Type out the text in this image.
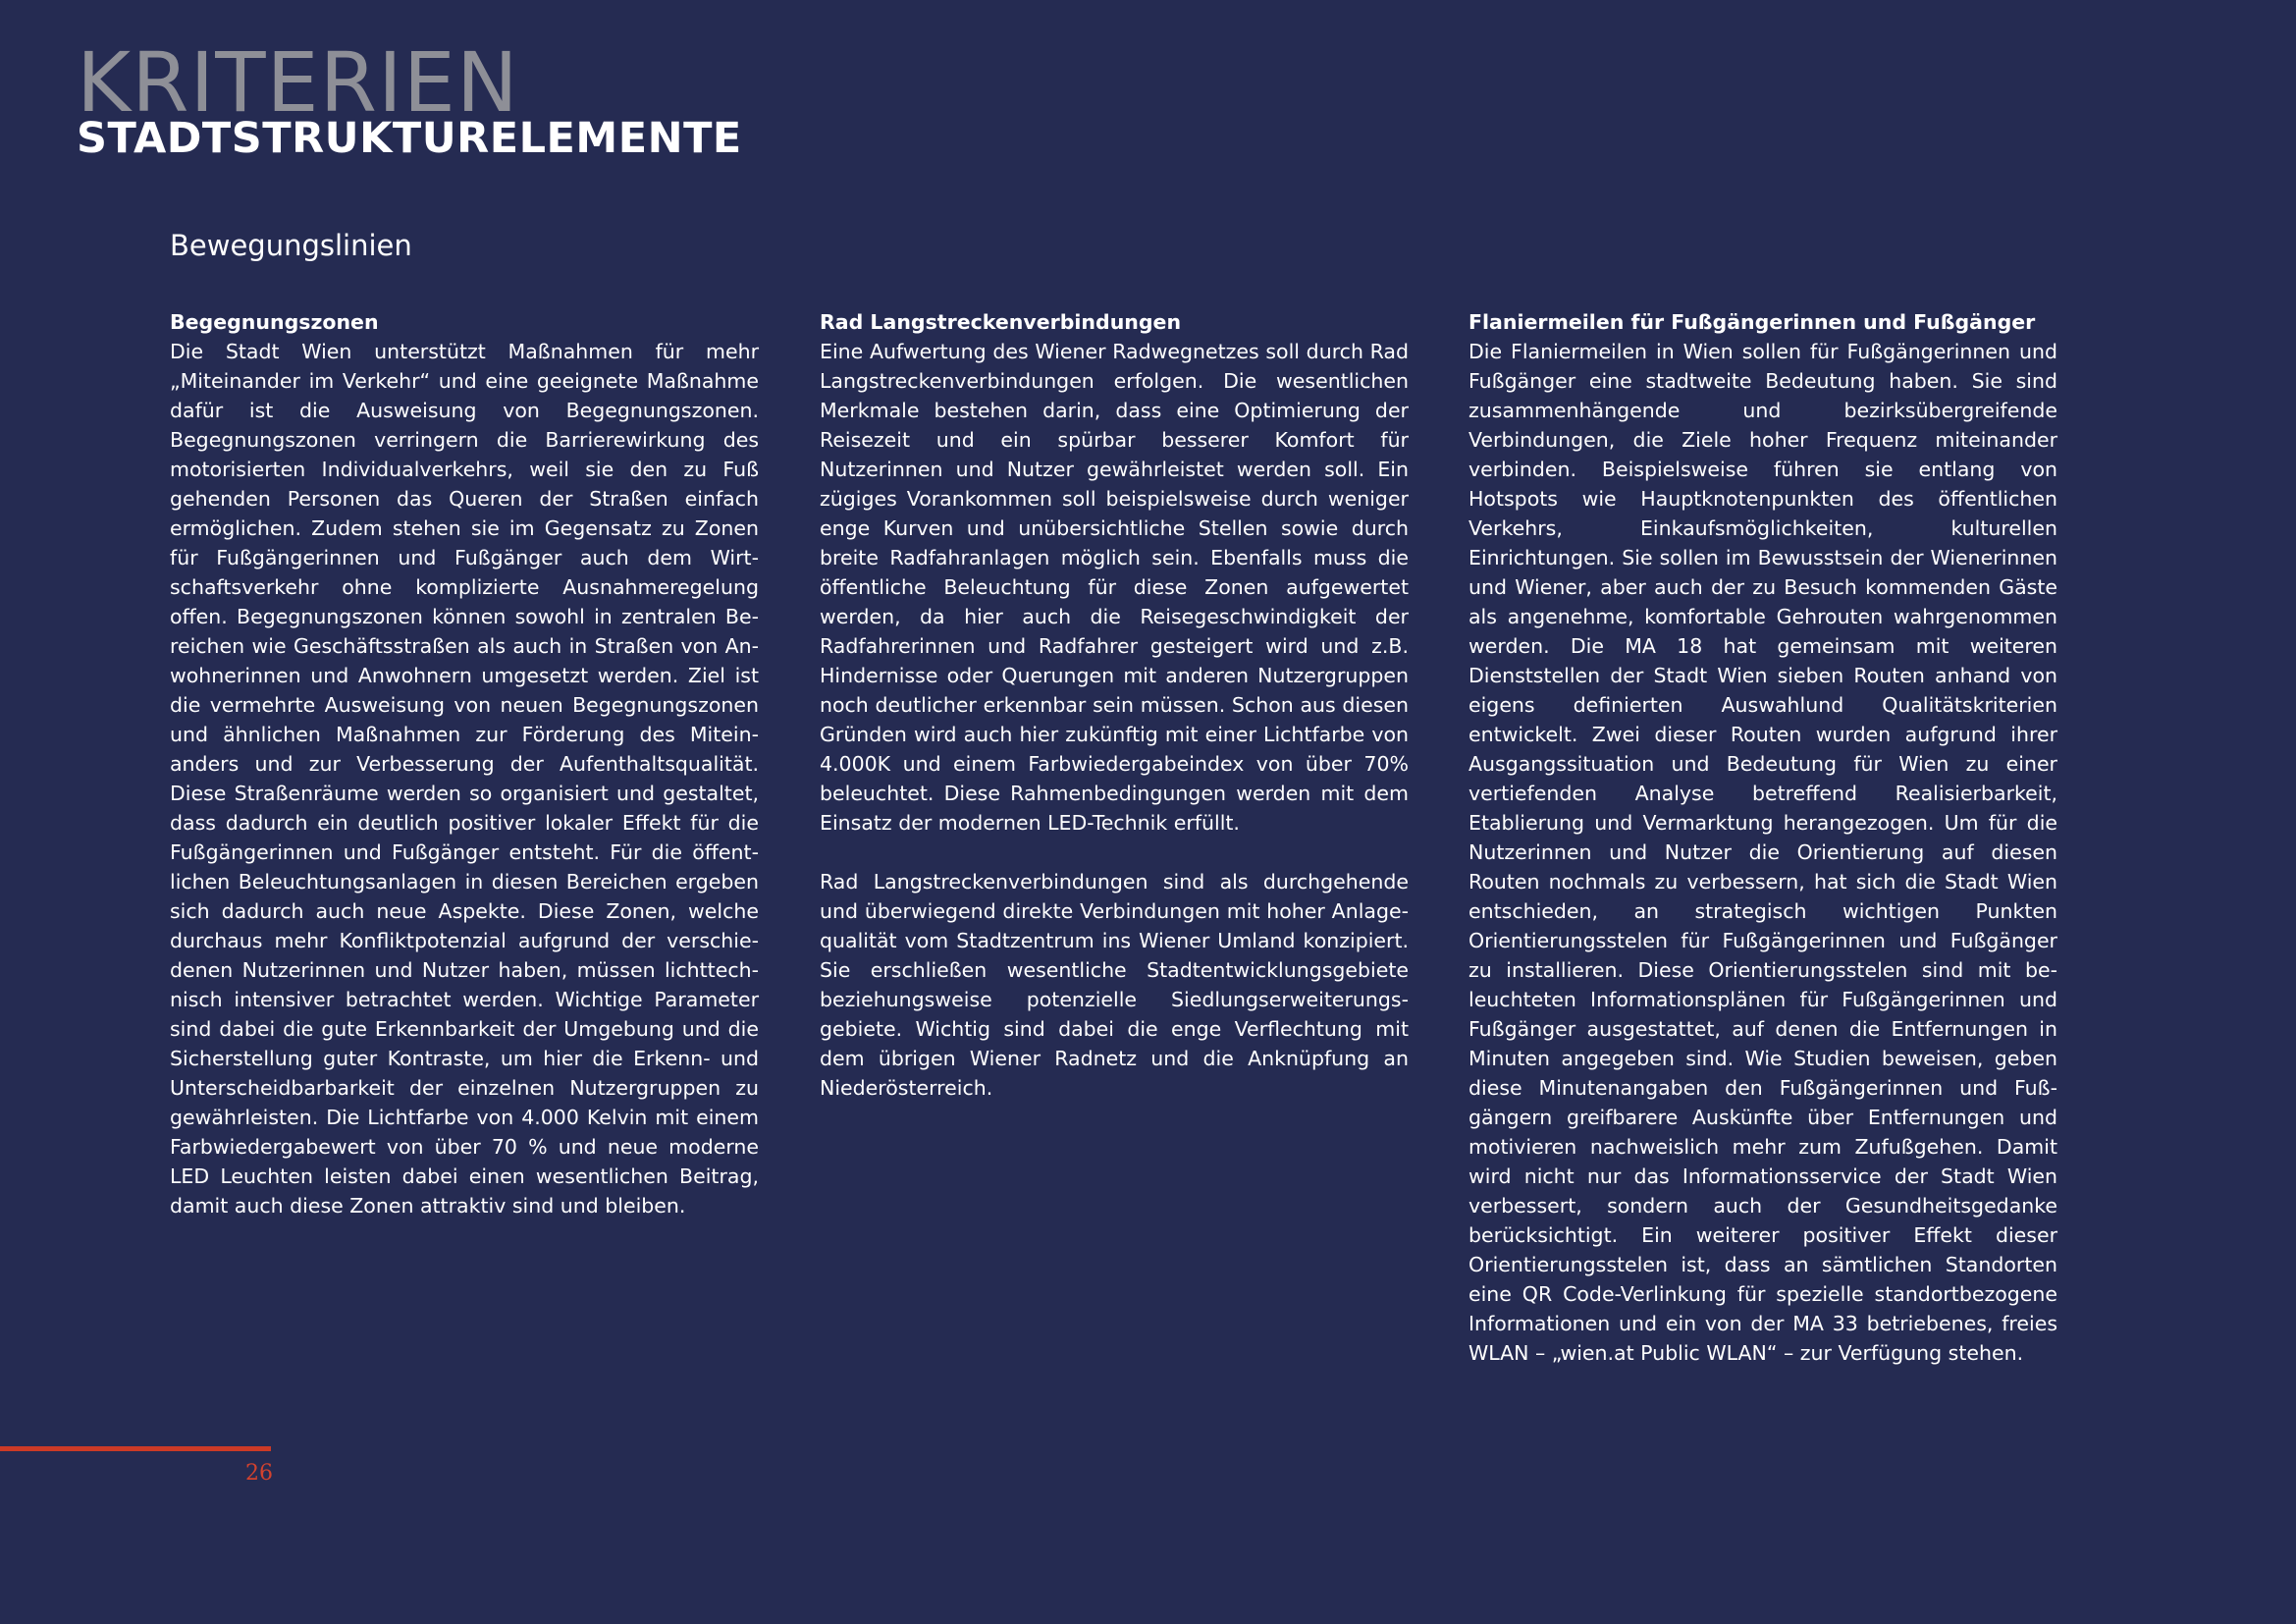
KRITERIEN
STADTSTRUKTURELEMENTE
Bewegungslinien
Begegnungszonen

Die Stadt Wien unterstützt Maßnahmen für mehr „Miteinander im Verkehr“ und eine geeignete Maßnahme dafür ist die Ausweisung von Begegnungszonen. Begegnungszonen verringern die Barrierewirkung des motorisierten Individualverkehrs, weil sie den zu Fuß gehenden Personen das Queren der Straßen einfach ermöglichen. Zudem stehen sie im Gegensatz zu Zonen für Fußgängerinnen und Fußgänger auch dem Wirtschaftsverkehr ohne komplizierte Ausnahmeregelung offen. Begegnungszonen können sowohl in zentralen Bereichen wie Geschäftsstraßen als auch in Straßen von Anwohnerinnen und Anwohnern umgesetzt werden. Ziel ist die vermehrte Ausweisung von neuen Begegnungszonen und ähnlichen Maßnahmen zur Förderung des Miteinanders und zur Verbesserung der Aufenthaltsqualität. Diese Straßenräume werden so organisiert und gestaltet, dass dadurch ein deutlich positiver lokaler Effekt für die Fußgängerinnen und Fußgänger entsteht. Für die öffentlichen Beleuchtungsanlagen in diesen Bereichen ergeben sich dadurch auch neue Aspekte. Diese Zonen, welche durchaus mehr Konfliktpotenzial aufgrund der verschiedenen Nutzerinnen und Nutzer haben, müssen lichttechnisch intensiver betrachtet werden. Wichtige Parameter sind dabei die gute Erkennbarkeit der Umgebung und die Sicherstellung guter Kontraste, um hier die Erkenn- und Unterscheidbarbarkeit der einzelnen Nutzergruppen zu gewährleisten. Die Lichtfarbe von 4.000 Kelvin mit einem Farbwiedergabewert von über 70 % und neue moderne LED Leuchten leisten dabei einen wesentlichen Beitrag, damit auch diese Zonen attraktiv sind und bleiben.

Rad Langstreckenverbindungen

Eine Aufwertung des Wiener Radwegnetzes soll durch Rad Langstreckenverbindungen erfolgen. Die wesentlichen Merkmale bestehen darin, dass eine Optimierung der Reisezeit und ein spürbar besserer Komfort für Nutzerinnen und Nutzer gewährleistet werden soll. Ein zügiges Vorankommen soll beispielsweise durch weniger enge Kurven und unübersichtliche Stellen sowie durch breite Radfahranlagen möglich sein. Ebenfalls muss die öffentliche Beleuchtung für diese Zonen aufgewertet werden, da hier auch die Reisegeschwindigkeit der Radfahrerinnen und Radfahrer gesteigert wird und z.B. Hindernisse oder Querungen mit anderen Nutzergruppen noch deutlicher erkennbar sein müssen. Schon aus diesen Gründen wird auch hier zukünftig mit einer Lichtfarbe von 4.000K und einem Farbwiedergabeindex von über 70% beleuchtet. Diese Rahmenbedingungen werden mit dem Einsatz der modernen LED-Technik erfüllt.

Rad Langstreckenverbindungen sind als durchgehende und überwiegend direkte Verbindungen mit hoher Anlagequalität vom Stadtzentrum ins Wiener Umland konzipiert. Sie erschließen wesentliche Stadtentwicklungsgebiete beziehungsweise potenzielle Siedlungserweiterungsgebiete. Wichtig sind dabei die enge Verflechtung mit dem übrigen Wiener Radnetz und die Anknüpfung an Niederösterreich.

Flaniermeilen für Fußgängerinnen und Fußgänger

Die Flaniermeilen in Wien sollen für Fußgängerinnen und Fußgänger eine stadtweite Bedeutung haben. Sie sind zusammenhängende und bezirksübergreifende Verbindungen, die Ziele hoher Frequenz miteinander verbinden. Beispielsweise führen sie entlang von Hotspots wie Hauptknotenpunkten des öffentlichen Verkehrs, Einkaufsmöglichkeiten, kulturellen Einrichtungen. Sie sollen im Bewusstsein der Wienerinnen und Wiener, aber auch der zu Besuch kommenden Gäste als angenehme, komfortable Gehrouten wahrgenommen werden. Die MA 18 hat gemeinsam mit weiteren Dienststellen der Stadt Wien sieben Routen anhand von eigens definierten Auswahlund Qualitätskriterien entwickelt. Zwei dieser Routen wurden aufgrund ihrer Ausgangssituation und Bedeutung für Wien zu einer vertiefenden Analyse betreffend Realisierbarkeit, Etablierung und Vermarktung herangezogen. Um für die Nutzerinnen und Nutzer die Orientierung auf diesen Routen nochmals zu verbessern, hat sich die Stadt Wien entschieden, an strategisch wichtigen Punkten Orientierungsstelen für Fußgängerinnen und Fußgänger zu installieren. Diese Orientierungsstelen sind mit beleuchteten Informationsplänen für Fußgängerinnen und Fußgänger ausgestattet, auf denen die Entfernungen in Minuten angegeben sind. Wie Studien beweisen, geben diese Minutenangaben den Fußgängerinnen und Fußgängern greifbarere Auskünfte über Entfernungen und motivieren nachweislich mehr zum Zufußgehen. Damit wird nicht nur das Informationsservice der Stadt Wien verbessert, sondern auch der Gesundheitsgedanke berücksichtigt. Ein weiterer positiver Effekt dieser Orientierungsstelen ist, dass an sämtlichen Standorten eine QR Code-Verlinkung für spezielle standortbezogene Informationen und ein von der MA 33 betriebenes, freies WLAN – „wien.at Public WLAN“ – zur Verfügung stehen.

26
